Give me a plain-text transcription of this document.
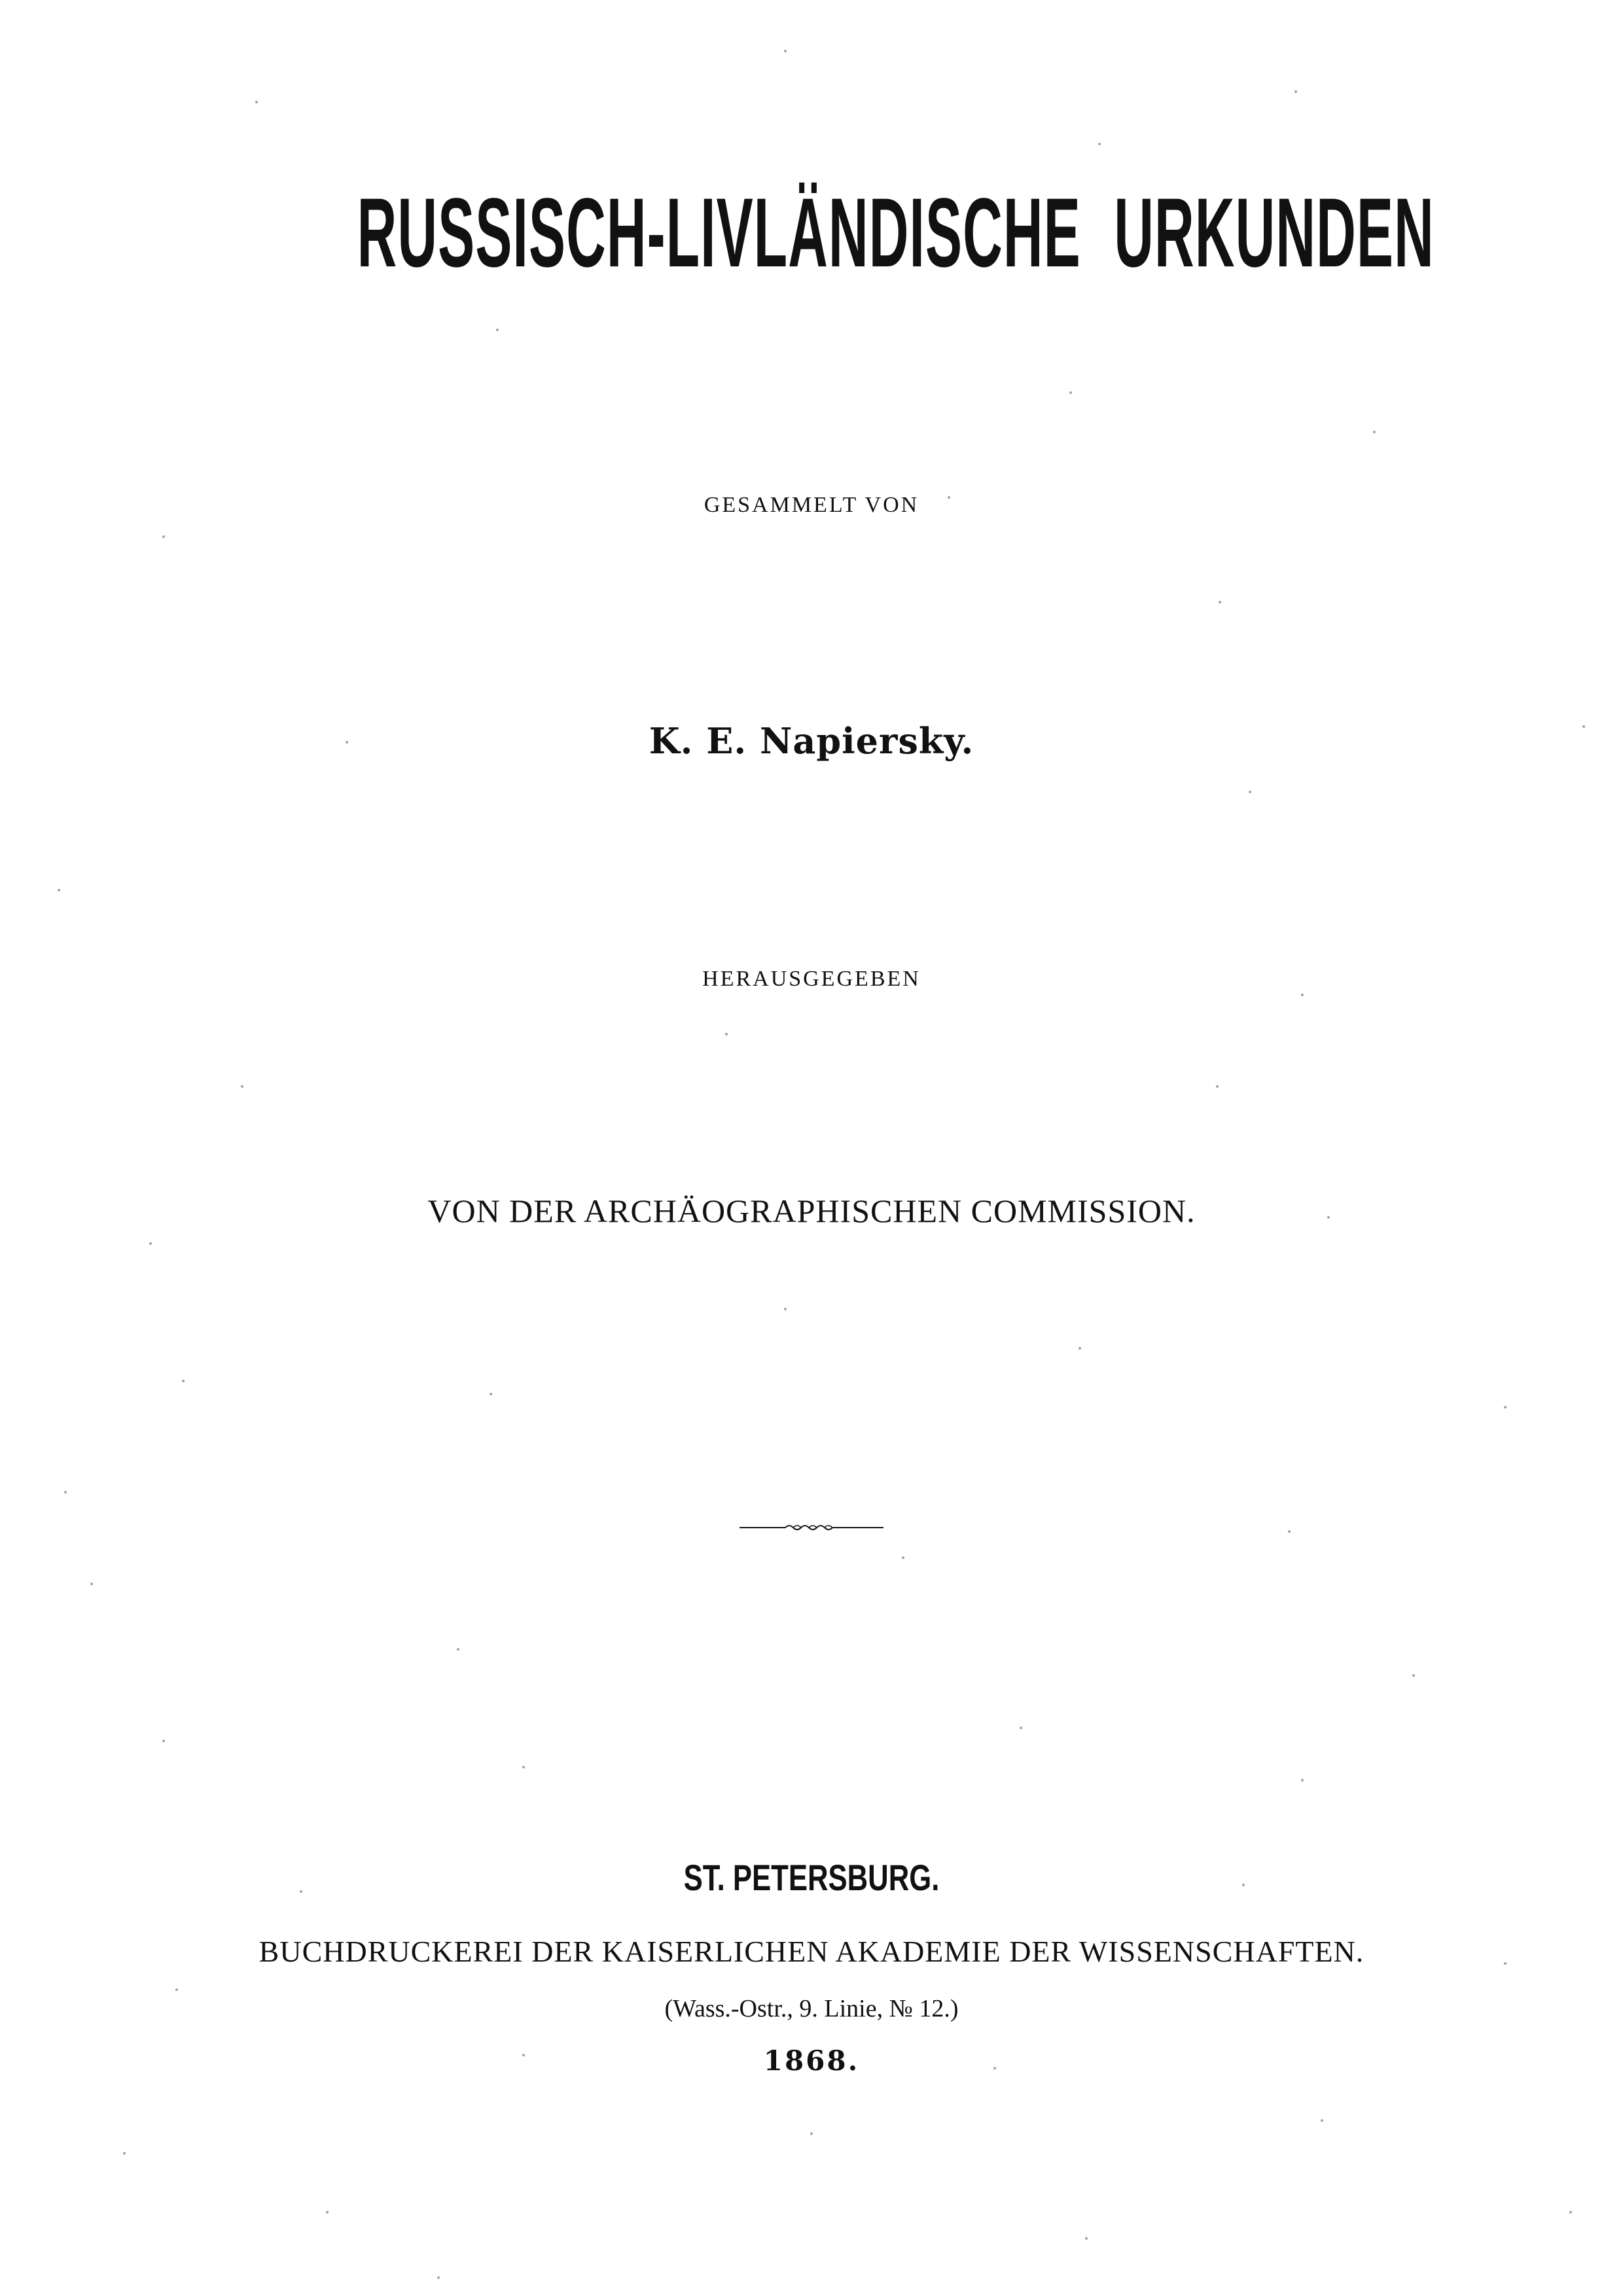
RUSSISCH-LIVLÄNDISCHE URKUNDEN
GESAMMELT VON
K. E. Napiersky.
HERAUSGEGEBEN
VON DER ARCHÄOGRAPHISCHEN COMMISSION.
ST. PETERSBURG.
BUCHDRUCKEREI DER KAISERLICHEN AKADEMIE DER WISSENSCHAFTEN.
(Wass.-Ostr., 9. Linie, № 12.)
1868.
